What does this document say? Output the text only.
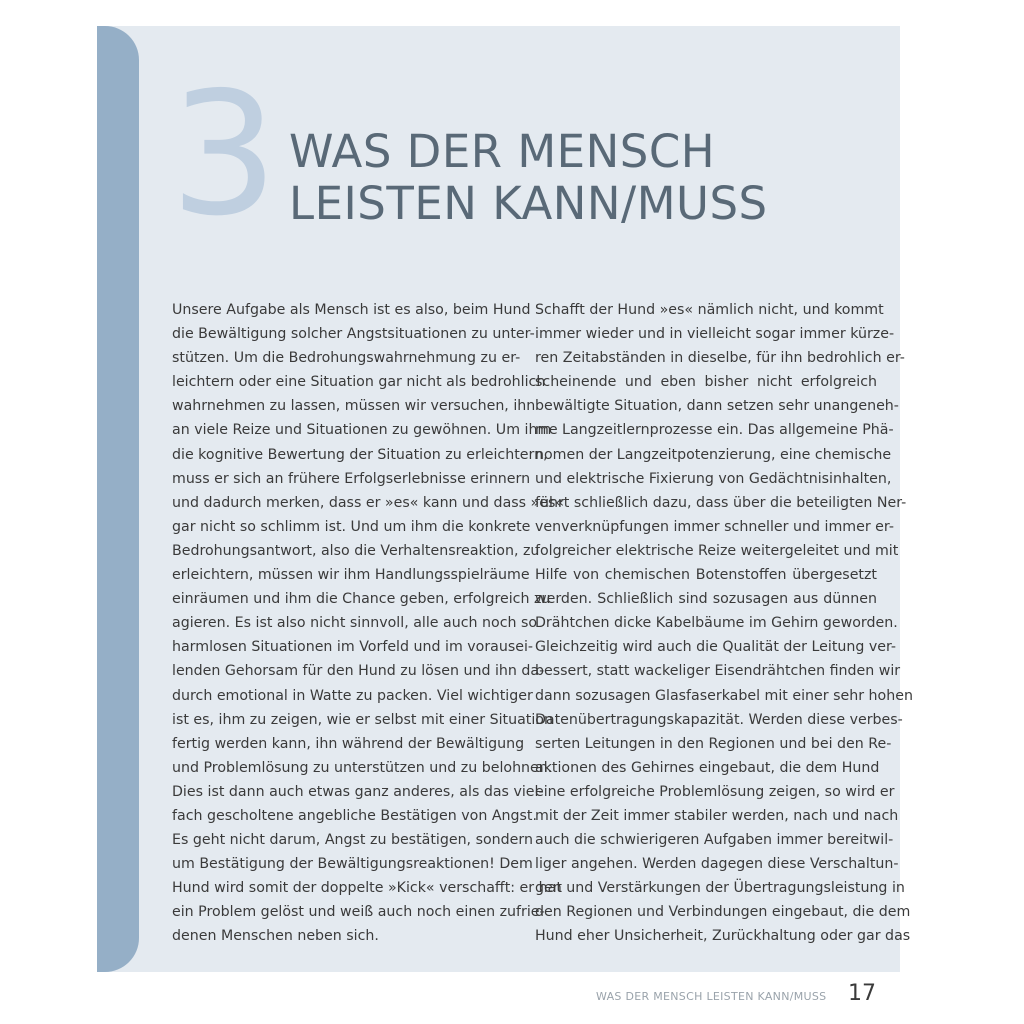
3 WAS DER MENSCH
LEISTEN KANN/MUSS
Unsere Aufgabe als Mensch ist es also, beim Hund
die Bewältigung solcher Angstsituationen zu unter-
stützen. Um die Bedrohungswahrnehmung zu er-
leichtern oder eine Situation gar nicht als bedrohlich
wahrnehmen zu lassen, müssen wir versuchen, ihn
an viele Reize und Situationen zu gewöhnen. Um ihm
die kognitive Bewertung der Situation zu erleichtern,
muss er sich an frühere Erfolgserlebnisse erinnern
und dadurch merken, dass er »es« kann und dass »es«
gar nicht so schlimm ist. Und um ihm die konkrete
Bedrohungsantwort, also die Verhaltensreaktion, zu
erleichtern, müssen wir ihm Handlungsspielräume
einräumen und ihm die Chance geben, erfolgreich zu
agieren. Es ist also nicht sinnvoll, alle auch noch so
harmlosen Situationen im Vorfeld und im vorausei-
lenden Gehorsam für den Hund zu lösen und ihn da-
durch emotional in Watte zu packen. Viel wichtiger
ist es, ihm zu zeigen, wie er selbst mit einer Situation
fertig werden kann, ihn während der Bewältigung
und Problemlösung zu unterstützen und zu belohnen.
Dies ist dann auch etwas ganz anderes, als das viel-
fach gescholtene angebliche Bestätigen von Angst.
Es geht nicht darum, Angst zu bestätigen, sondern
um Bestätigung der Bewältigungsreaktionen! Dem
Hund wird somit der doppelte »Kick« verschafft: er hat
ein Problem gelöst und weiß auch noch einen zufrie-
denen Menschen neben sich.
Schafft der Hund »es« nämlich nicht, und kommt
immer wieder und in vielleicht sogar immer kürze-
ren Zeitabständen in dieselbe, für ihn bedrohlich er-
scheinende und eben bisher nicht erfolgreich
bewältigte Situation, dann setzen sehr unangeneh-
me Langzeitlernprozesse ein. Das allgemeine Phä-
nomen der Langzeitpotenzierung, eine chemische
und elektrische Fixierung von Gedächtnisinhalten,
führt schließlich dazu, dass über die beteiligten Ner-
venverknüpfungen immer schneller und immer er-
folgreicher elektrische Reize weitergeleitet und mit
Hilfe von chemischen Botenstoffen übergesetzt
werden. Schließlich sind sozusagen aus dünnen
Drähtchen dicke Kabelbäume im Gehirn geworden.
Gleichzeitig wird auch die Qualität der Leitung ver-
bessert, statt wackeliger Eisendrähtchen finden wir
dann sozusagen Glasfaserkabel mit einer sehr hohen
Datenübertragungskapazität. Werden diese verbes-
serten Leitungen in den Regionen und bei den Re-
aktionen des Gehirnes eingebaut, die dem Hund
eine erfolgreiche Problemlösung zeigen, so wird er
mit der Zeit immer stabiler werden, nach und nach
auch die schwierigeren Aufgaben immer bereitwil-
liger angehen. Werden dagegen diese Verschaltun-
gen und Verstärkungen der Übertragungsleistung in
den Regionen und Verbindungen eingebaut, die dem
Hund eher Unsicherheit, Zurückhaltung oder gar das
WAS DER MENSCH LEISTEN KANN/MUSS 17
